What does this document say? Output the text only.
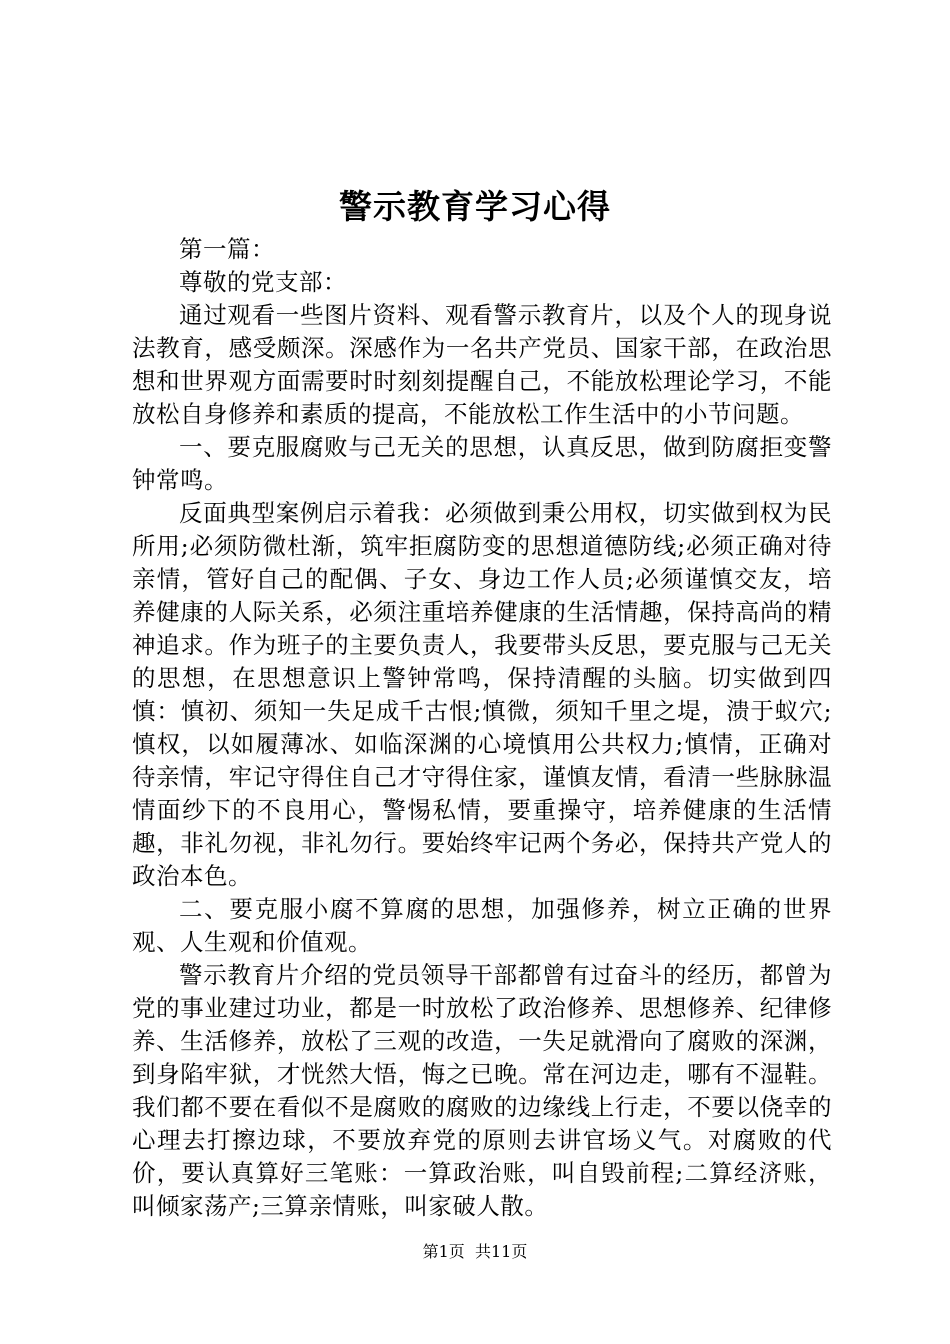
警示教育学习心得

第一篇：

尊敬的党支部：

通过观看一些图片资料、观看警示教育片，以及个人的现身说法教育，感受颇深。深感作为一名共产党员、国家干部，在政治思想和世界观方面需要时时刻刻提醒自己，不能放松理论学习，不能放松自身修养和素质的提高，不能放松工作生活中的小节问题。

一、要克服腐败与己无关的思想，认真反思，做到防腐拒变警钟常鸣。

反面典型案例启示着我：必须做到秉公用权，切实做到权为民所用;必须防微杜渐，筑牢拒腐防变的思想道德防线;必须正确对待亲情，管好自己的配偶、子女、身边工作人员;必须谨慎交友，培养健康的人际关系，必须注重培养健康的生活情趣，保持高尚的精神追求。作为班子的主要负责人，我要带头反思，要克服与己无关的思想，在思想意识上警钟常鸣，保持清醒的头脑。切实做到四慎：慎初、须知一失足成千古恨;慎微，须知千里之堤，溃于蚁穴;慎权，以如履薄冰、如临深渊的心境慎用公共权力;慎情，正确对待亲情，牢记守得住自己才守得住家，谨慎友情，看清一些脉脉温情面纱下的不良用心，警惕私情，要重操守，培养健康的生活情趣，非礼勿视，非礼勿行。要始终牢记两个务必，保持共产党人的政治本色。

二、要克服小腐不算腐的思想，加强修养，树立正确的世界观、人生观和价值观。

警示教育片介绍的党员领导干部都曾有过奋斗的经历，都曾为党的事业建过功业，都是一时放松了政治修养、思想修养、纪律修养、生活修养，放松了三观的改造，一失足就滑向了腐败的深渊，到身陷牢狱，才恍然大悟，悔之已晚。常在河边走，哪有不湿鞋。我们都不要在看似不是腐败的腐败的边缘线上行走，不要以侥幸的心理去打擦边球，不要放弃党的原则去讲官场义气。对腐败的代价，要认真算好三笔账：一算政治账，叫自毁前程;二算经济账，叫倾家荡产;三算亲情账，叫家破人散。

第1页 共11页
